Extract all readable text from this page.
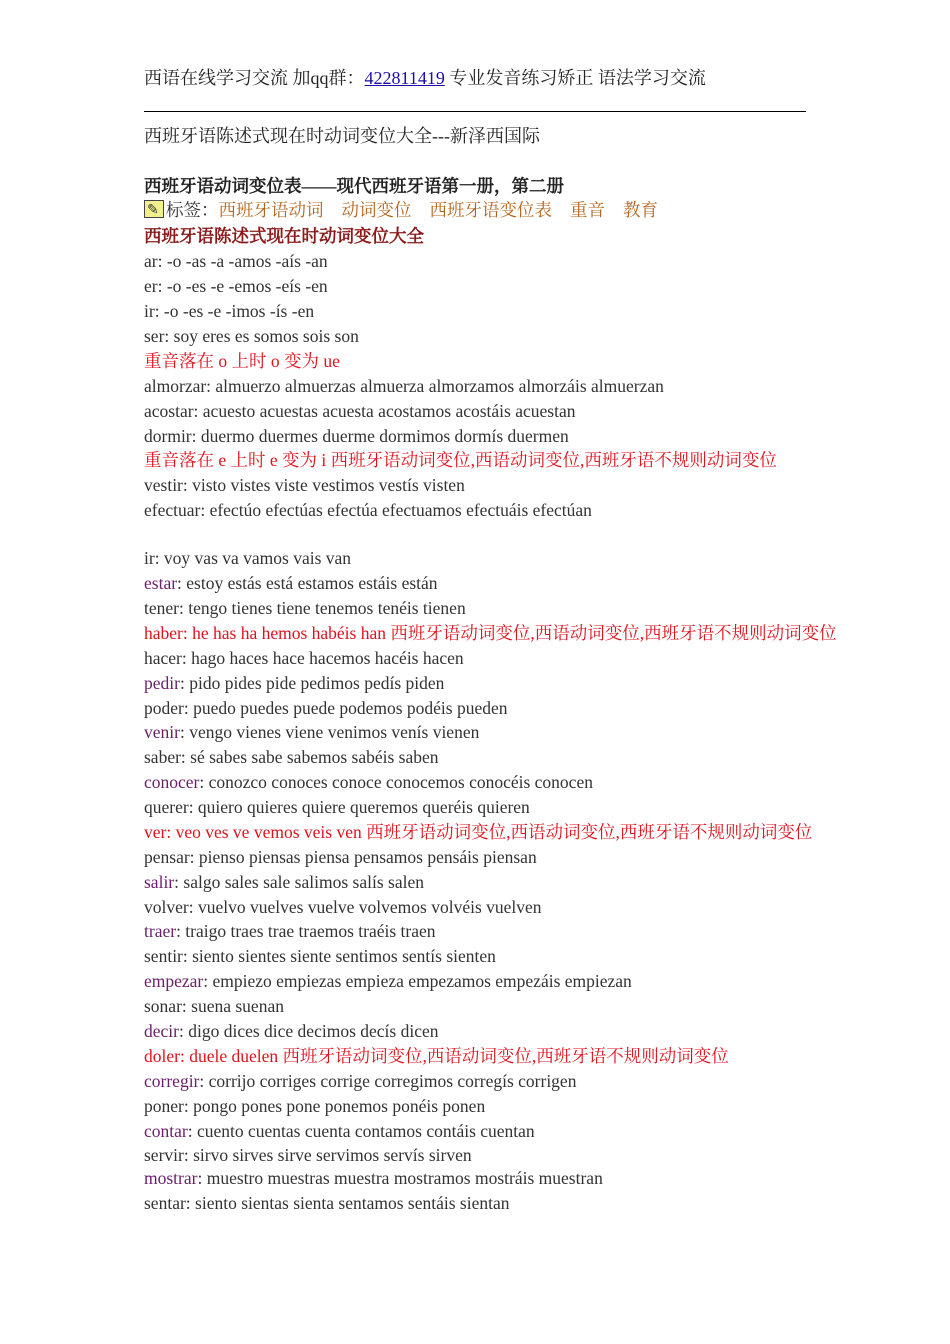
西语在线学习交流 加qq群：422811419 专业发音练习矫正 语法学习交流
西班牙语陈述式现在时动词变位大全---新泽西国际
西班牙语动词变位表——现代西班牙语第一册，第二册
✎标签：西班牙语动词 动词变位 西班牙语变位表 重音 教育
西班牙语陈述式现在时动词变位大全
ar: -o -as -a -amos -aís -an
er: -o -es -e -emos -eís -en
ir: -o -es -e -imos -ís -en
ser: soy eres es somos sois son
重音落在 o 上时 o 变为 ue
almorzar: almuerzo almuerzas almuerza almorzamos almorzáis almuerzan
acostar: acuesto acuestas acuesta acostamos acostáis acuestan
dormir: duermo duermes duerme dormimos dormís duermen
重音落在 e 上时 e 变为 i 西班牙语动词变位,西语动词变位,西班牙语不规则动词变位
vestir: visto vistes viste vestimos vestís visten
efectuar: efectúo efectúas efectúa efectuamos efectuáis efectúan
ir: voy vas va vamos vais van
estar: estoy estás está estamos estáis están
tener: tengo tienes tiene tenemos tenéis tienen
haber: he has ha hemos habéis han 西班牙语动词变位,西语动词变位,西班牙语不规则动词变位
hacer: hago haces hace hacemos hacéis hacen
pedir: pido pides pide pedimos pedís piden
poder: puedo puedes puede podemos podéis pueden
venir: vengo vienes viene venimos venís vienen
saber: sé sabes sabe sabemos sabéis saben
conocer: conozco conoces conoce conocemos conocéis conocen
querer: quiero quieres quiere queremos queréis quieren
ver: veo ves ve vemos veis ven 西班牙语动词变位,西语动词变位,西班牙语不规则动词变位
pensar: pienso piensas piensa pensamos pensáis piensan
salir: salgo sales sale salimos salís salen
volver: vuelvo vuelves vuelve volvemos volvéis vuelven
traer: traigo traes trae traemos traéis traen
sentir: siento sientes siente sentimos sentís sienten
empezar: empiezo empiezas empieza empezamos empezáis empiezan
sonar: suena suenan
decir: digo dices dice decimos decís dicen
doler: duele duelen 西班牙语动词变位,西语动词变位,西班牙语不规则动词变位
corregir: corrijo corriges corrige corregimos corregís corrigen
poner: pongo pones pone ponemos ponéis ponen
contar: cuento cuentas cuenta contamos contáis cuentan
servir: sirvo sirves sirve servimos servís sirven
mostrar: muestro muestras muestra mostramos mostráis muestran
sentar: siento sientas sienta sentamos sentáis sientan
